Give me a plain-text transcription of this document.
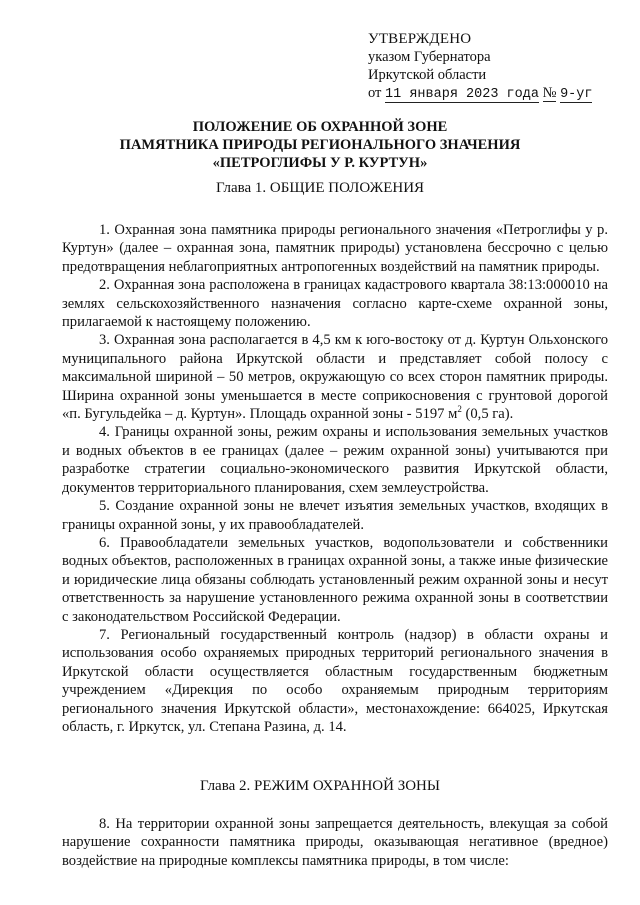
УТВЕРЖДЕНО
указом Губернатора
Иркутской области
от 11 января 2023 года № 9-уг
ПОЛОЖЕНИЕ ОБ ОХРАННОЙ ЗОНЕ
ПАМЯТНИКА ПРИРОДЫ РЕГИОНАЛЬНОГО ЗНАЧЕНИЯ
«ПЕТРОГЛИФЫ У Р. КУРТУН»
Глава 1. ОБЩИЕ ПОЛОЖЕНИЯ

1. Охранная зона памятника природы регионального значения «Петроглифы у р. Куртун» (далее – охранная зона, памятник природы) установлена бессрочно с целью предотвращения неблагоприятных антропогенных воздействий на памятник природы.

2. Охранная зона расположена в границах кадастрового квартала 38:13:000010 на землях сельскохозяйственного назначения согласно карте-схеме охранной зоны, прилагаемой к настоящему положению.

3. Охранная зона располагается в 4,5 км к юго-востоку от д. Куртун Ольхонского муниципального района Иркутской области и представляет собой полосу с максимальной шириной – 50 метров, окружающую со всех сторон памятник природы. Ширина охранной зоны уменьшается в месте соприкосновения с грунтовой дорогой «п. Бугульдейка – д. Куртун». Площадь охранной зоны - 5197 $м^2$ (0,5 га).

4. Границы охранной зоны, режим охраны и использования земельных участков и водных объектов в ее границах (далее – режим охранной зоны) учитываются при разработке стратегии социально-экономического развития Иркутской области, документов территориального планирования, схем землеустройства.

5. Создание охранной зоны не влечет изъятия земельных участков, входящих в границы охранной зоны, у их правообладателей.

6. Правообладатели земельных участков, водопользователи и собственники водных объектов, расположенных в границах охранной зоны, а также иные физические и юридические лица обязаны соблюдать установленный режим охранной зоны и несут ответственность за нарушение установленного режима охранной зоны в соответствии с законодательством Российской Федерации.

7. Региональный государственный контроль (надзор) в области охраны и использования особо охраняемых природных территорий регионального значения в Иркутской области осуществляется областным государственным бюджетным учреждением «Дирекция по особо охраняемым природным территориям регионального значения Иркутской области», местонахождение: 664025, Иркутская область, г. Иркутск, ул. Степана Разина, д. 14.

Глава 2. РЕЖИМ ОХРАННОЙ ЗОНЫ

8. На территории охранной зоны запрещается деятельность, влекущая за собой нарушение сохранности памятника природы, оказывающая негативное (вредное) воздействие на природные комплексы памятника природы, в том числе:
